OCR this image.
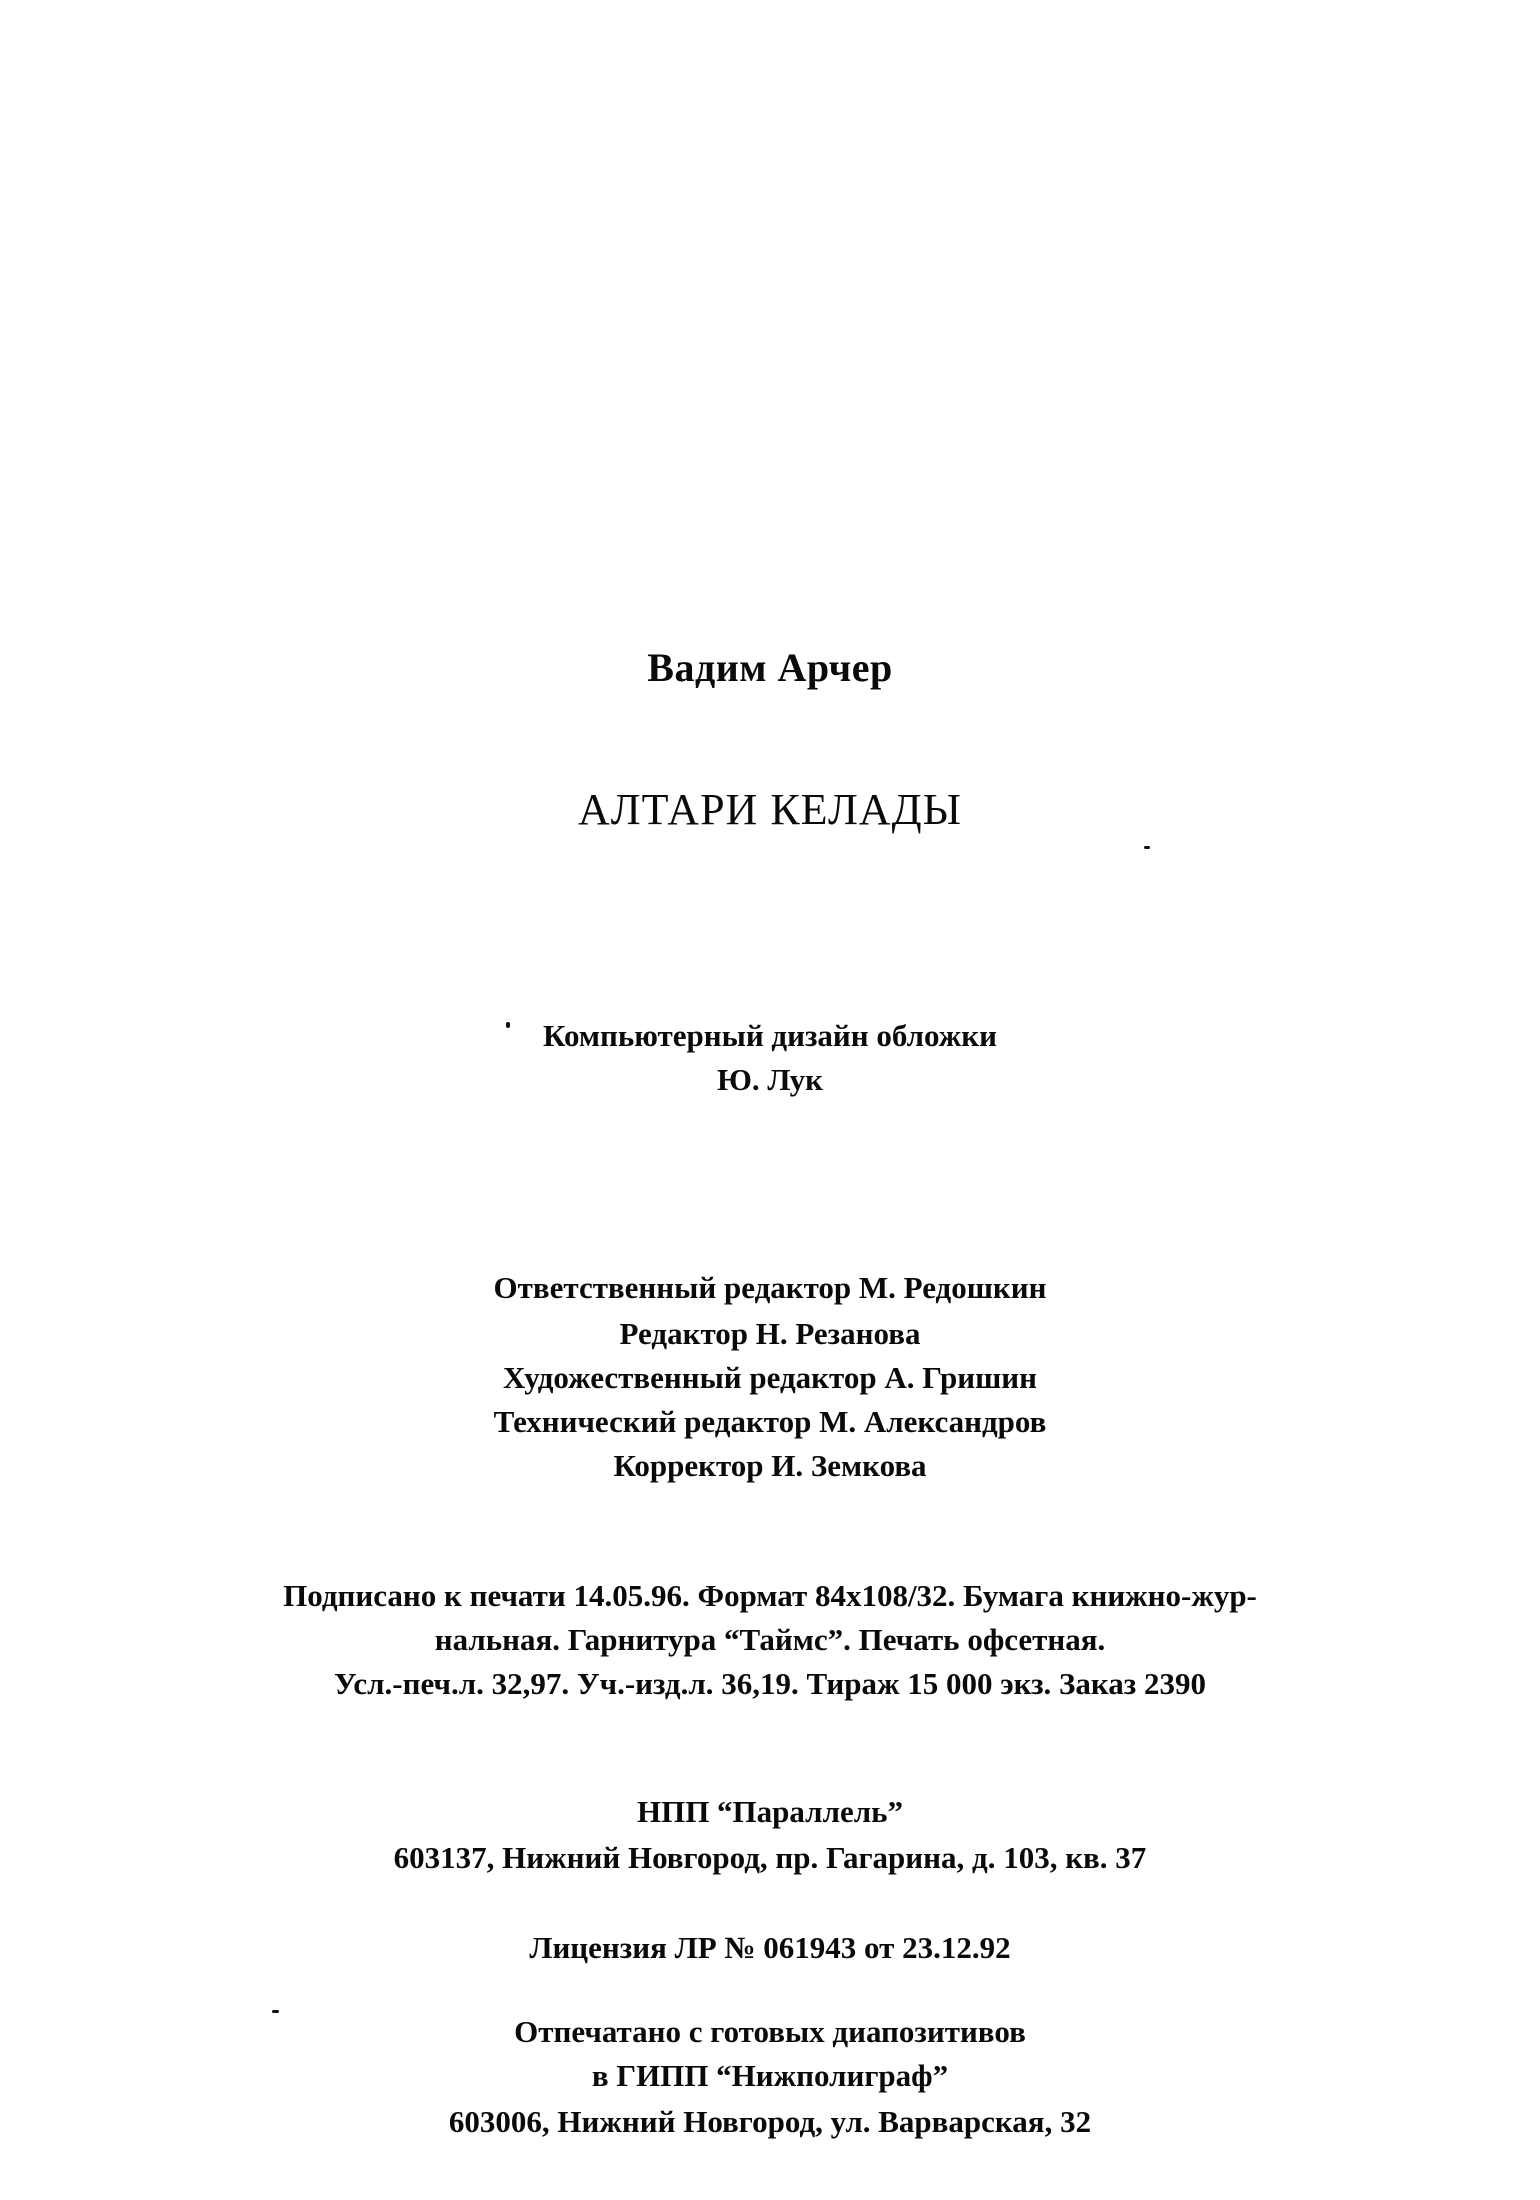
Вадим Арчер
АЛТАРИ КЕЛАДЫ
Компьютерный дизайн обложки
Ю. Лук
Ответственный редактор М. Редошкин
Редактор Н. Резанова
Художественный редактор А. Гришин
Технический редактор М. Александров
Корректор И. Земкова
Подписано к печати 14.05.96. Формат 84x108/32. Бумага книжно-жур-
нальная. Гарнитура “Таймс”. Печать офсетная.
Усл.-печ.л. 32,97. Уч.-изд.л. 36,19. Тираж 15 000 экз. Заказ 2390
НПП “Параллель”
603137, Нижний Новгород, пр. Гагарина, д. 103, кв. 37
Лицензия ЛР № 061943 от 23.12.92
Отпечатано с готовых диапозитивов
в ГИПП “Нижполиграф”
603006, Нижний Новгород, ул. Варварская, 32
